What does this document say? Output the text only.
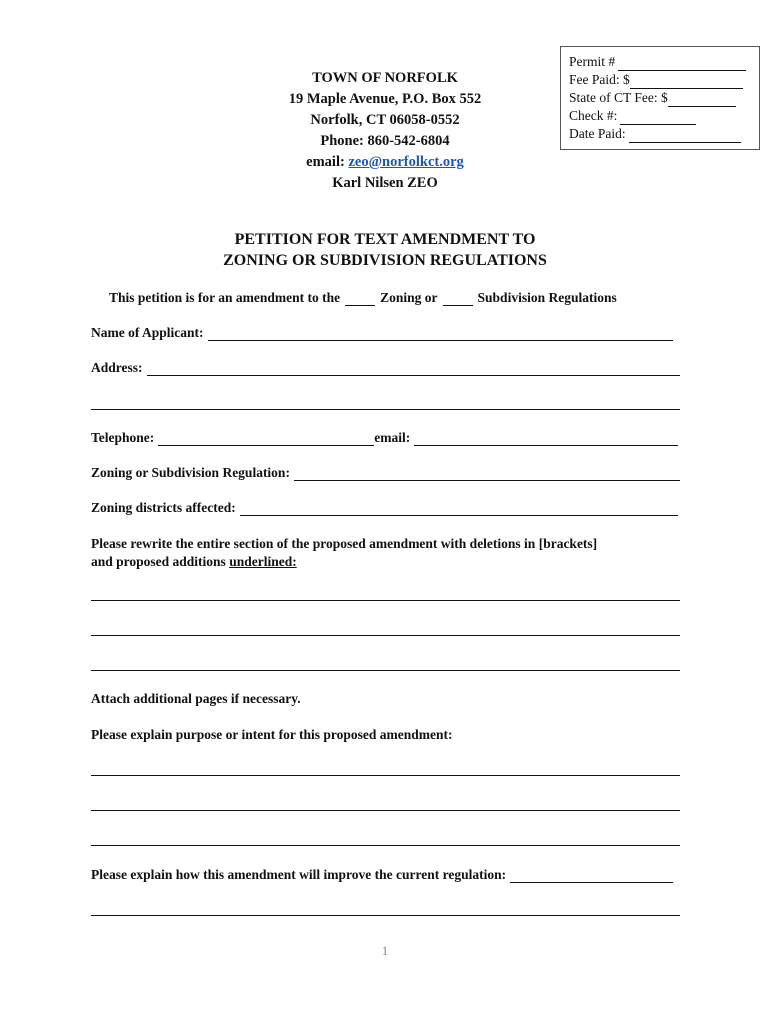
TOWN OF NORFOLK
19 Maple Avenue, P.O. Box 552
Norfolk, CT 06058-0552
Phone: 860-542-6804
email: zeo@norfolkct.org
Karl Nilsen ZEO
Permit #
Fee Paid: $
State of CT Fee: $
Check #:
Date Paid:
PETITION FOR TEXT AMENDMENT TO
ZONING OR SUBDIVISION REGULATIONS
This petition is for an amendment to the	Zoning or	Subdivision Regulations
Name of Applicant:
Address:
Telephone:	email:
Zoning or Subdivision Regulation:
Zoning districts affected:
Please rewrite the entire section of the proposed amendment with deletions in [brackets]
and proposed additions underlined:
Attach additional pages if necessary.
Please explain purpose or intent for this proposed amendment:
Please explain how this amendment will improve the current regulation:
1
